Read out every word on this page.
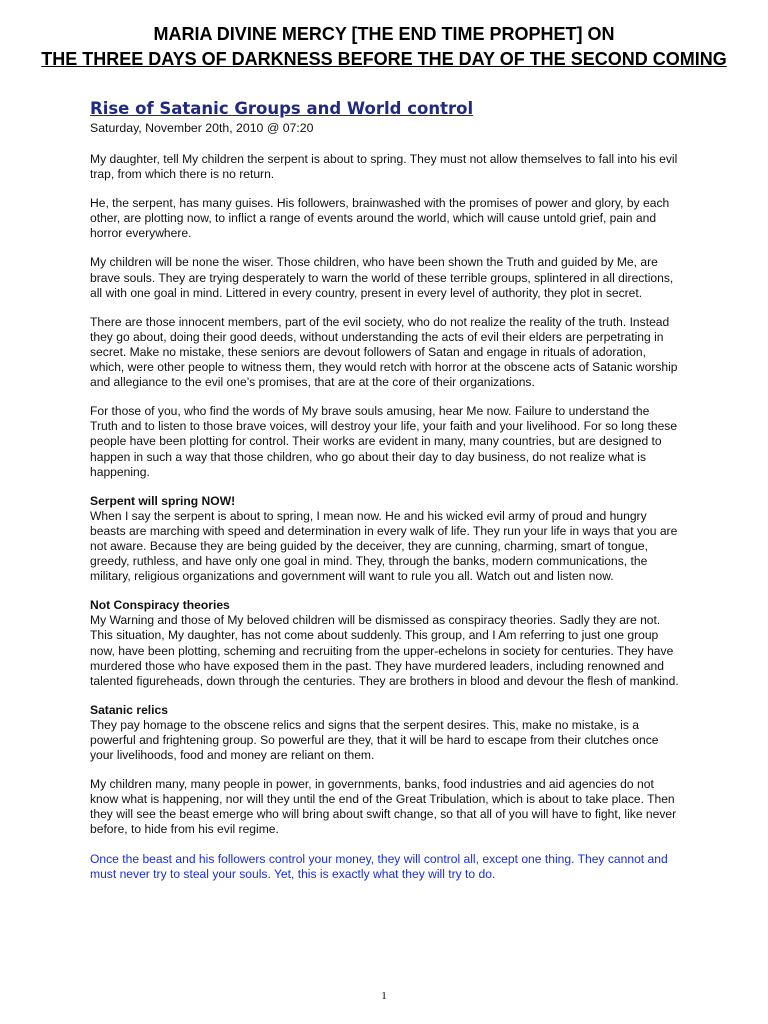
MARIA DIVINE MERCY [THE END TIME PROPHET] ON
THE THREE DAYS OF DARKNESS BEFORE THE DAY OF THE SECOND COMING
Rise of Satanic Groups and World control

Saturday, November 20th, 2010 @ 07:20

My daughter, tell My children the serpent is about to spring. They must not allow themselves to fall into his evil trap, from which there is no return.

He, the serpent, has many guises. His followers, brainwashed with the promises of power and glory, by each other, are plotting now, to inflict a range of events around the world, which will cause untold grief, pain and horror everywhere.

My children will be none the wiser. Those children, who have been shown the Truth and guided by Me, are brave souls. They are trying desperately to warn the world of these terrible groups, splintered in all directions, all with one goal in mind. Littered in every country, present in every level of authority, they plot in secret.

There are those innocent members, part of the evil society, who do not realize the reality of the truth. Instead they go about, doing their good deeds, without understanding the acts of evil their elders are perpetrating in secret. Make no mistake, these seniors are devout followers of Satan and engage in rituals of adoration, which, were other people to witness them, they would retch with horror at the obscene acts of Satanic worship and allegiance to the evil one’s promises, that are at the core of their organizations.

For those of you, who find the words of My brave souls amusing, hear Me now. Failure to understand the Truth and to listen to those brave voices, will destroy your life, your faith and your livelihood. For so long these people have been plotting for control. Their works are evident in many, many countries, but are designed to happen in such a way that those children, who go about their day to day business, do not realize what is happening.

Serpent will spring NOW!

When I say the serpent is about to spring, I mean now. He and his wicked evil army of proud and hungry beasts are marching with speed and determination in every walk of life. They run your life in ways that you are not aware. Because they are being guided by the deceiver, they are cunning, charming, smart of tongue, greedy, ruthless, and have only one goal in mind. They, through the banks, modern communications, the military, religious organizations and government will want to rule you all. Watch out and listen now.

Not Conspiracy theories

My Warning and those of My beloved children will be dismissed as conspiracy theories. Sadly they are not. This situation, My daughter, has not come about suddenly. This group, and I Am referring to just one group now, have been plotting, scheming and recruiting from the upper-echelons in society for centuries. They have murdered those who have exposed them in the past. They have murdered leaders, including renowned and talented figureheads, down through the centuries. They are brothers in blood and devour the flesh of mankind.

Satanic relics

They pay homage to the obscene relics and signs that the serpent desires. This, make no mistake, is a powerful and frightening group. So powerful are they, that it will be hard to escape from their clutches once your livelihoods, food and money are reliant on them.

My children many, many people in power, in governments, banks, food industries and aid agencies do not know what is happening, nor will they until the end of the Great Tribulation, which is about to take place. Then they will see the beast emerge who will bring about swift change, so that all of you will have to fight, like never before, to hide from his evil regime.

Once the beast and his followers control your money, they will control all, except one thing. They cannot and must never try to steal your souls. Yet, this is exactly what they will try to do.

1
